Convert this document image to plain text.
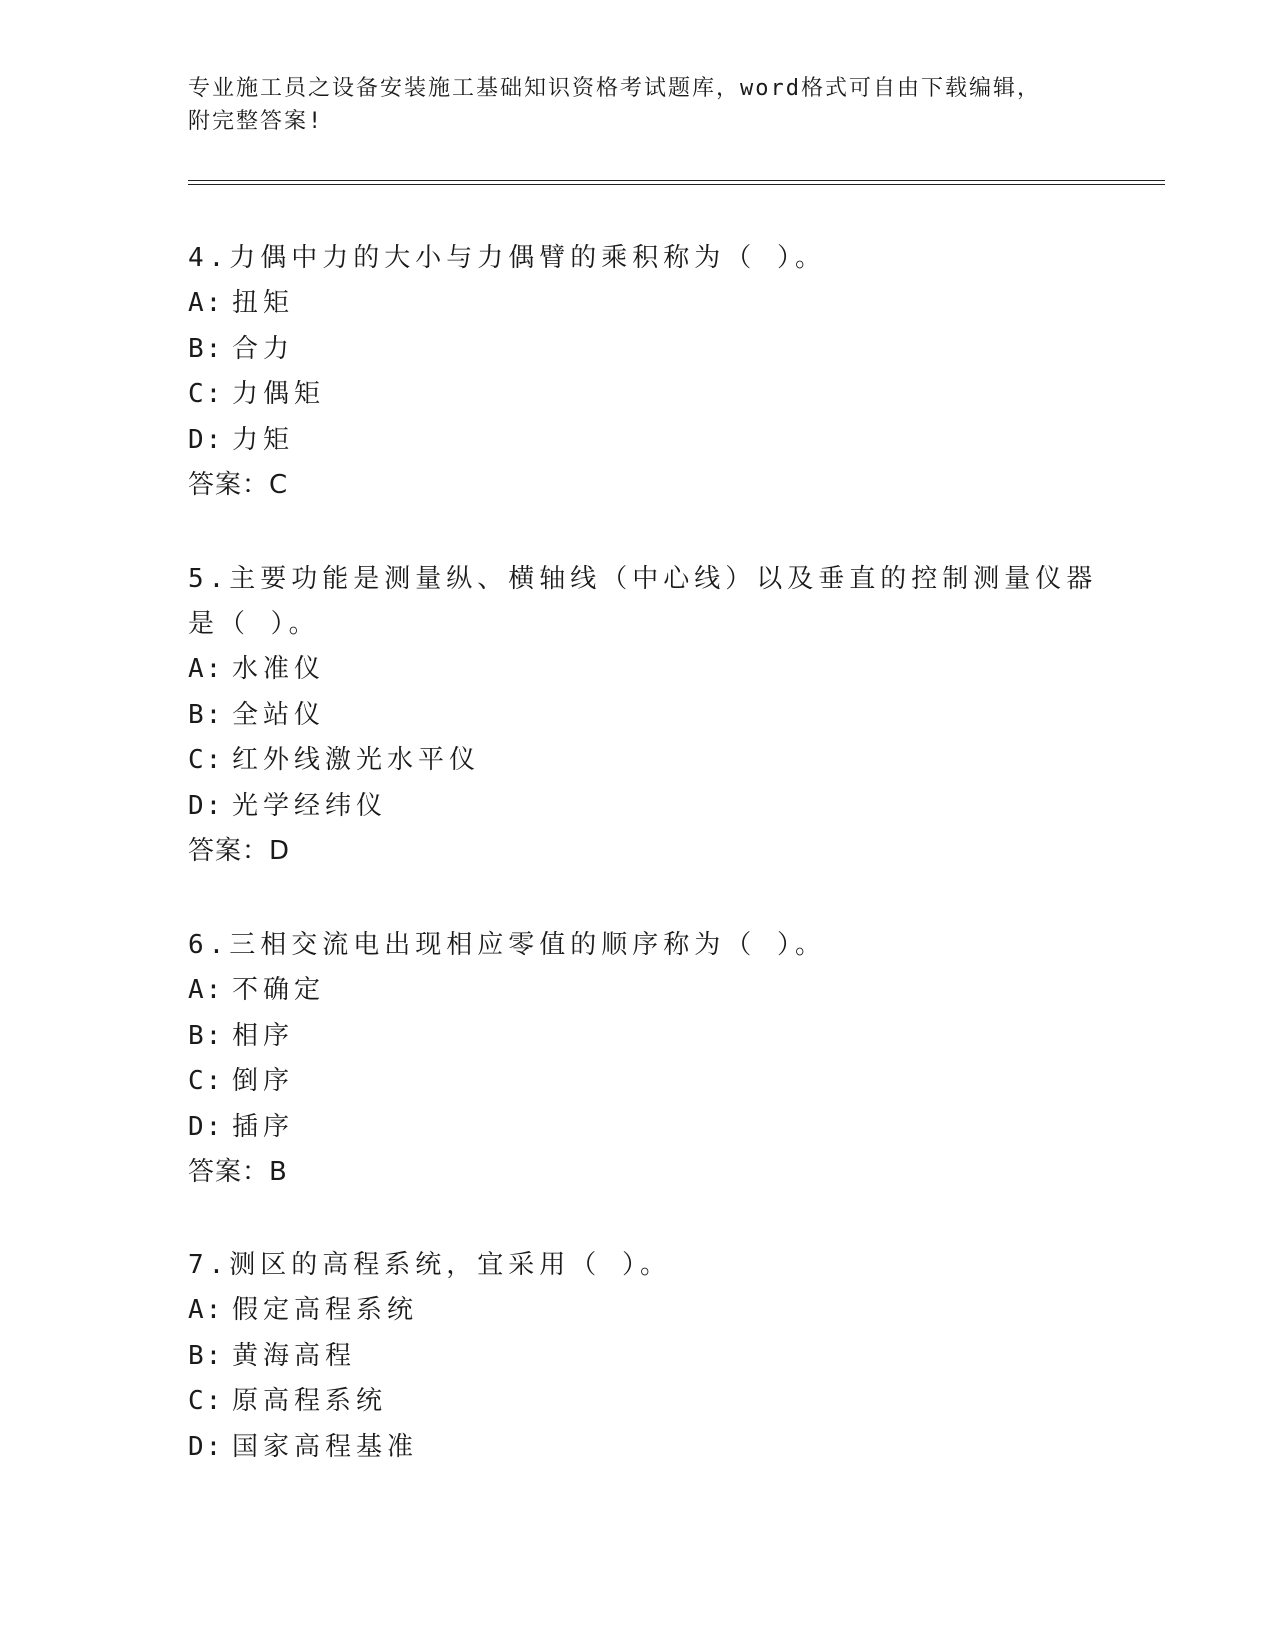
专业施工员之设备安装施工基础知识资格考试题库，word格式可自由下载编辑，
附完整答案!

4.力偶中力的大小与力偶臂的乘积称为（ ）。

A: 扭矩

B: 合力

C: 力偶矩

D: 力矩

答案：C

5.主要功能是测量纵、横轴线（中心线）以及垂直的控制测量仪器是（ ）。

A: 水准仪

B: 全站仪

C: 红外线激光水平仪

D: 光学经纬仪

答案：D

6.三相交流电出现相应零值的顺序称为（ ）。

A: 不确定

B: 相序

C: 倒序

D: 插序

答案：B

7.测区的高程系统，宜采用（ ）。

A: 假定高程系统

B: 黄海高程

C: 原高程系统

D: 国家高程基准
